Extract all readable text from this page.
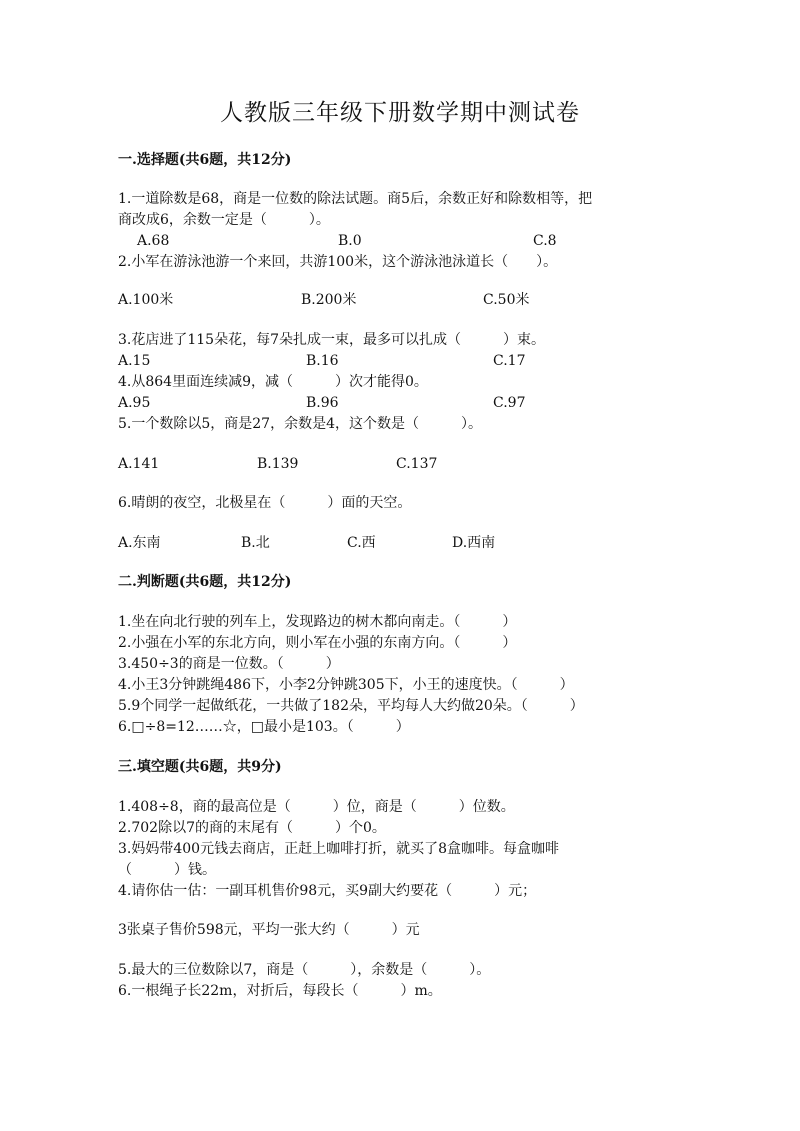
人教版三年级下册数学期中测试卷
一.选择题(共6题，共12分)
1.一道除数是68，商是一位数的除法试题。商5后，余数正好和除数相等，把
商改成6，余数一定是（　　　）。
A.68	B.0	C.8
2.小军在游泳池游一个来回，共游100米，这个游泳池泳道长（　　）。
A.100米	B.200米	C.50米
3.花店进了115朵花，每7朵扎成一束，最多可以扎成（　　　）束。
A.15	B.16	C.17
4.从864里面连续减9，减（　　　）次才能得0。
A.95	B.96	C.97
5.一个数除以5，商是27，余数是4，这个数是（　　　）。
A.141	B.139	C.137
6.晴朗的夜空，北极星在（　　　）面的天空。
A.东南	B.北	C.西	D.西南
二.判断题(共6题，共12分)
1.坐在向北行驶的列车上，发现路边的树木都向南走。（　　　）
2.小强在小军的东北方向，则小军在小强的东南方向。（　　　）
3.450÷3的商是一位数。（　　　）
4.小王3分钟跳绳486下，小李2分钟跳305下，小王的速度快。（　　　）
5.9个同学一起做纸花，一共做了182朵，平均每人大约做20朵。（　　　）
6.□÷8=12……☆，□最小是103。（　　　）
三.填空题(共6题，共9分)
1.408÷8，商的最高位是（　　　）位，商是（　　　）位数。
2.702除以7的商的末尾有（　　　）个0。
3.妈妈带400元钱去商店，正赶上咖啡打折，就买了8盒咖啡。每盒咖啡
（　　　）钱。
4.请你估一估：一副耳机售价98元，买9副大约要花（　　　）元；
3张桌子售价598元，平均一张大约（　　　）元
5.最大的三位数除以7，商是（　　　），余数是（　　　）。
6.一根绳子长22m，对折后，每段长（　　　）m。
